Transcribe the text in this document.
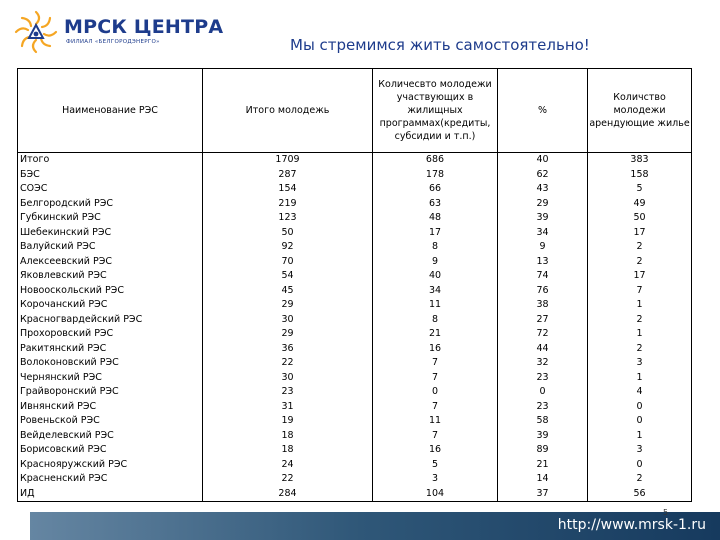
МРСК ЦЕНТРА
ФИЛИАЛ «БЕЛГОРОДЭНЕРГО»	Мы стремимся жить самостоятельно!
Наименование РЭС	Итого молодежь	Количесвто молодежи участвующих в жилищных программах(кредиты, субсидии и т.п.)	%	Количство молодежи арендующие жилье
Итого	1709	686	40	383
БЭС	287	178	62	158
СОЭС	154	66	43	5
Белгородский РЭС	219	63	29	49
Губкинский РЭС	123	48	39	50
Шебекинский РЭС	50	17	34	17
Валуйский РЭС	92	8	9	2
Алексеевский РЭС	70	9	13	2
Яковлевский РЭС	54	40	74	17
Новооскольский РЭС	45	34	76	7
Корочанский РЭС	29	11	38	1
Красногвардейский РЭС	30	8	27	2
Прохоровский РЭС	29	21	72	1
Ракитянский РЭС	36	16	44	2
Волоконовский РЭС	22	7	32	3
Чернянский РЭС	30	7	23	1
Грайворонский РЭС	23	0	0	4
Ивнянский РЭС	31	7	23	0
Ровеньской РЭС	19	11	58	0
Вейделевский РЭС	18	7	39	1
Борисовский РЭС	18	16	89	3
Краснояружский РЭС	24	5	21	0
Красненский РЭС	22	3	14	2
ИД	284	104	37	56
5
http://www.mrsk-1.ru
